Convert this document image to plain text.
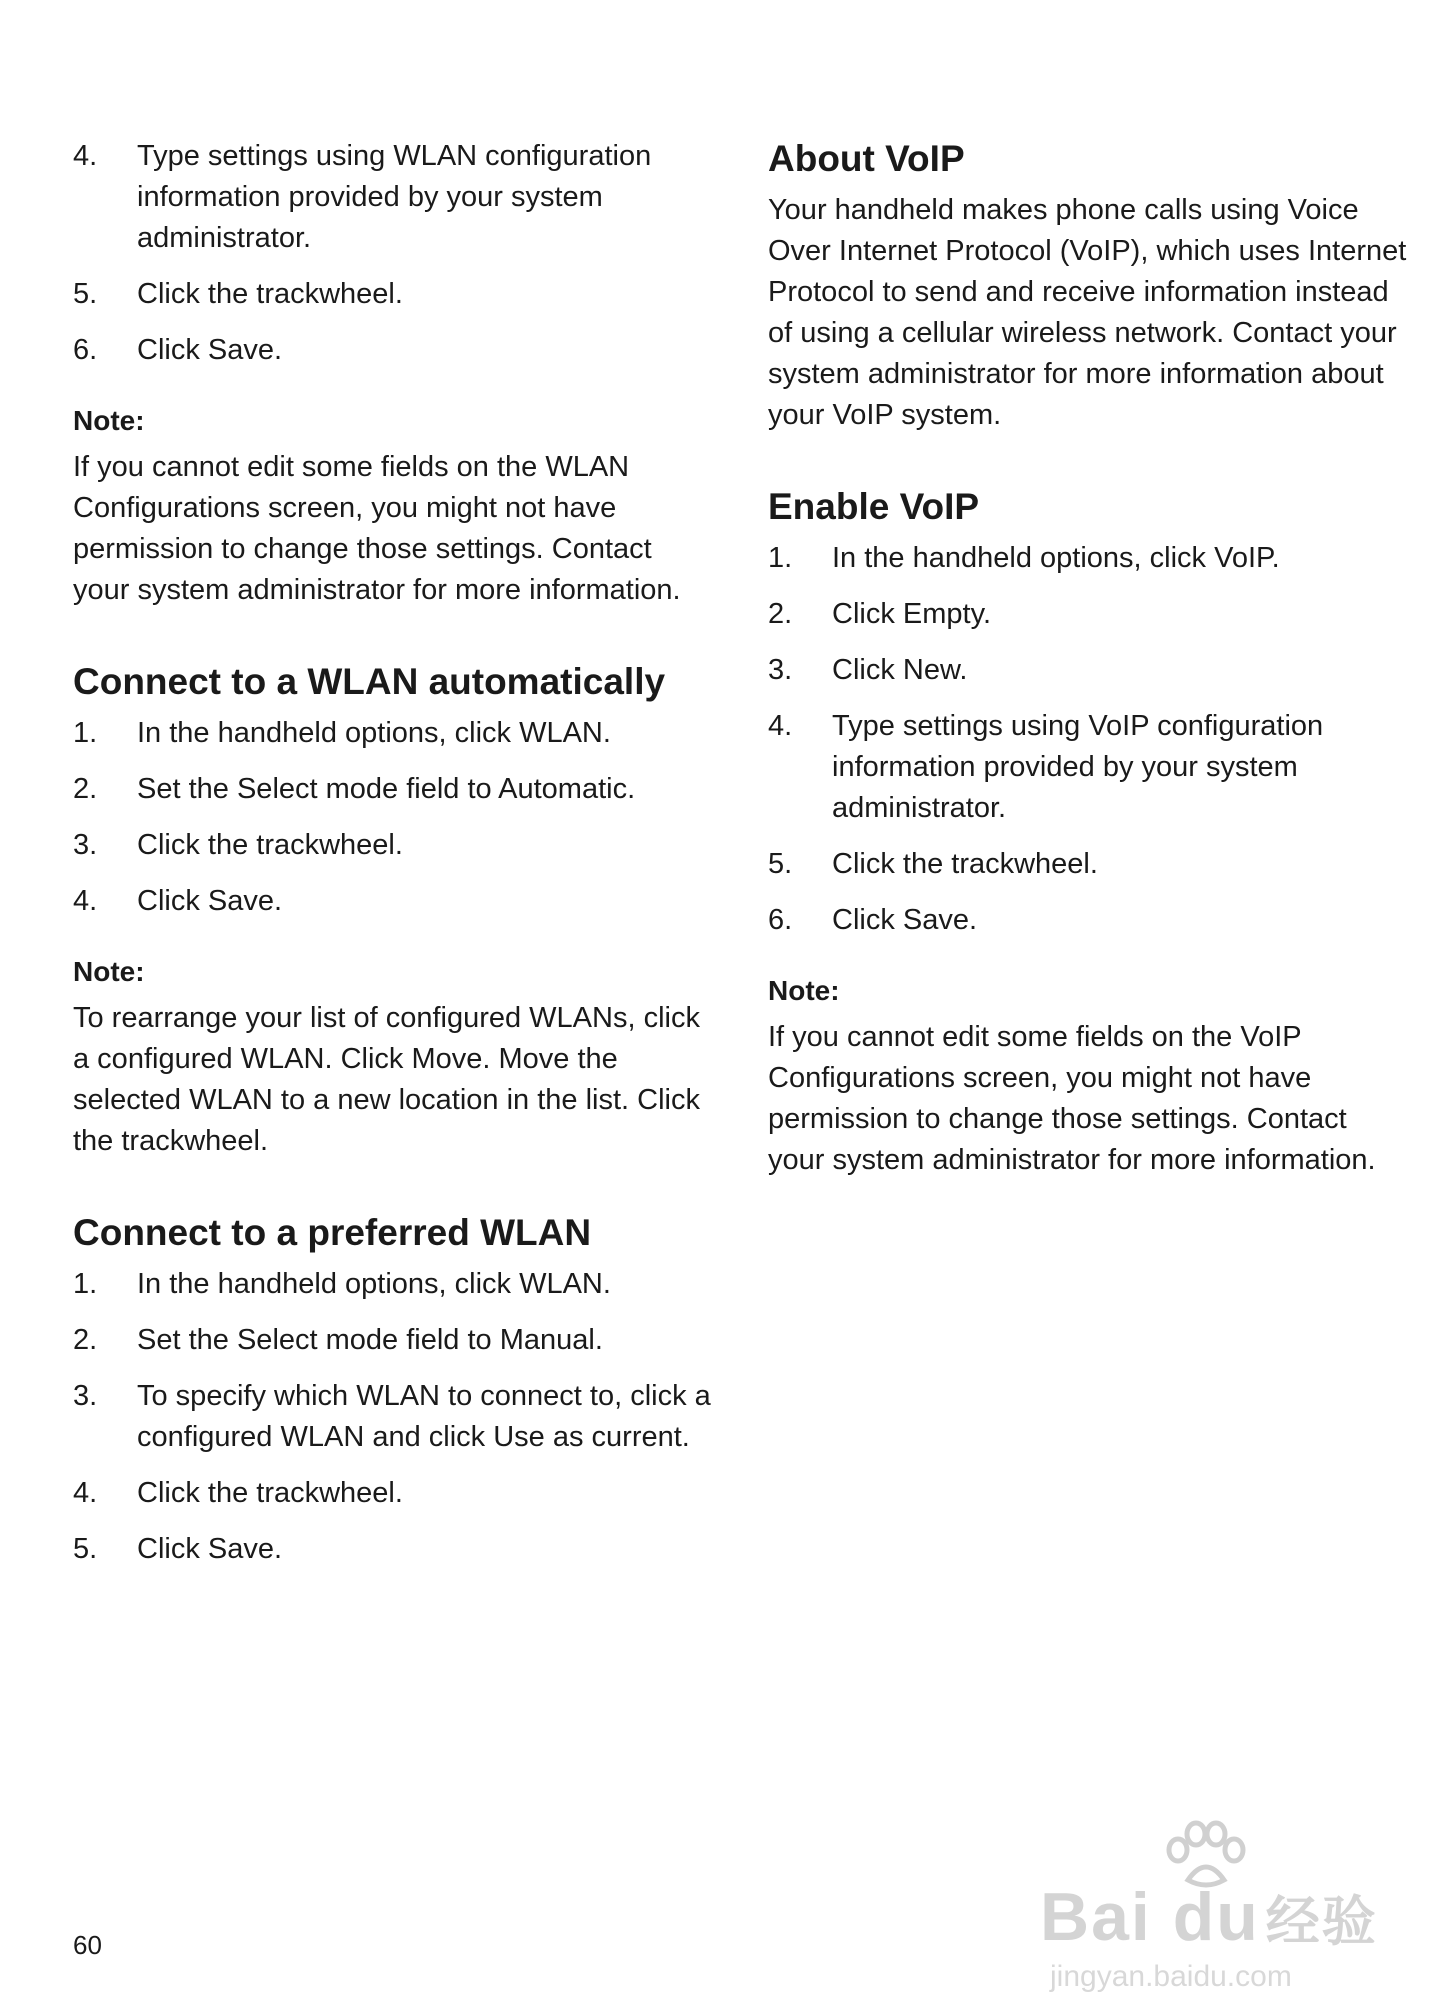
4.	Type settings using WLAN configuration information provided by your system administrator.
5.	Click the trackwheel.
6.	Click Save.
Note:

If you cannot edit some fields on the WLAN Configurations screen, you might not have permission to change those settings. Contact your system administrator for more information.

Connect to a WLAN automatically
1.	In the handheld options, click WLAN.
2.	Set the Select mode field to Automatic.
3.	Click the trackwheel.
4.	Click Save.
Note:

To rearrange your list of configured WLANs, click a configured WLAN. Click Move. Move the selected WLAN to a new location in the list. Click the trackwheel.

Connect to a preferred WLAN
1.	In the handheld options, click WLAN.
2.	Set the Select mode field to Manual.
3.	To specify which WLAN to connect to, click a configured WLAN and click Use as current.
4.	Click the trackwheel.
5.	Click Save.
About VoIP

Your handheld makes phone calls using Voice Over Internet Protocol (VoIP), which uses Internet Protocol to send and receive information instead of using a cellular wireless network. Contact your system administrator for more information about your VoIP system.

Enable VoIP
1.	In the handheld options, click VoIP.
2.	Click Empty.
3.	Click New.
4.	Type settings using VoIP configuration information provided by your system administrator.
5.	Click the trackwheel.
6.	Click Save.
Note:

If you cannot edit some fields on the VoIP Configurations screen, you might not have permission to change those settings. Contact your system administrator for more information.

60	Bai du 经验
jingyan.baidu.com
